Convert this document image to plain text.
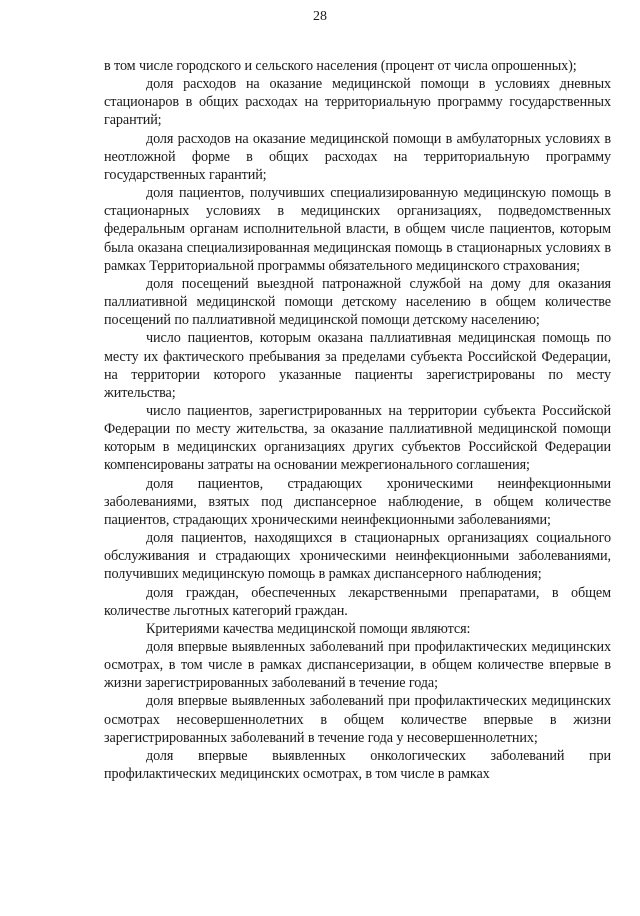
28

в том числе городского и сельского населения (процент от числа опрошенных);

доля расходов на оказание медицинской помощи в условиях дневных стационаров в общих расходах на территориальную программу государственных гарантий;

доля расходов на оказание медицинской помощи в амбулаторных условиях в неотложной форме в общих расходах на территориальную программу государственных гарантий;

доля пациентов, получивших специализированную медицинскую помощь в стационарных условиях в медицинских организациях, подведомственных федеральным органам исполнительной власти, в общем числе пациентов, которым была оказана специализированная медицинская помощь в стационарных условиях в рамках Территориальной программы обязательного медицинского страхования;

доля посещений выездной патронажной службой на дому для оказания паллиативной медицинской помощи детскому населению в общем количестве посещений по паллиативной медицинской помощи детскому населению;

число пациентов, которым оказана паллиативная медицинская помощь по месту их фактического пребывания за пределами субъекта Российской Федерации, на территории которого указанные пациенты зарегистрированы по месту жительства;

число пациентов, зарегистрированных на территории субъекта Российской Федерации по месту жительства, за оказание паллиативной медицинской помощи которым в медицинских организациях других субъектов Российской Федерации компенсированы затраты на основании межрегионального соглашения;

доля пациентов, страдающих хроническими неинфекционными заболеваниями, взятых под диспансерное наблюдение, в общем количестве пациентов, страдающих хроническими неинфекционными заболеваниями;

доля пациентов, находящихся в стационарных организациях социального обслуживания и страдающих хроническими неинфекционными заболеваниями, получивших медицинскую помощь в рамках диспансерного наблюдения;

доля граждан, обеспеченных лекарственными препаратами, в общем количестве льготных категорий граждан.

Критериями качества медицинской помощи являются:

доля впервые выявленных заболеваний при профилактических медицинских осмотрах, в том числе в рамках диспансеризации, в общем количестве впервые в жизни зарегистрированных заболеваний в течение года;

доля впервые выявленных заболеваний при профилактических медицинских осмотрах несовершеннолетних в общем количестве впервые в жизни зарегистрированных заболеваний в течение года у несовершеннолетних;

доля впервые выявленных онкологических заболеваний при профилактических медицинских осмотрах, в том числе в рамках
